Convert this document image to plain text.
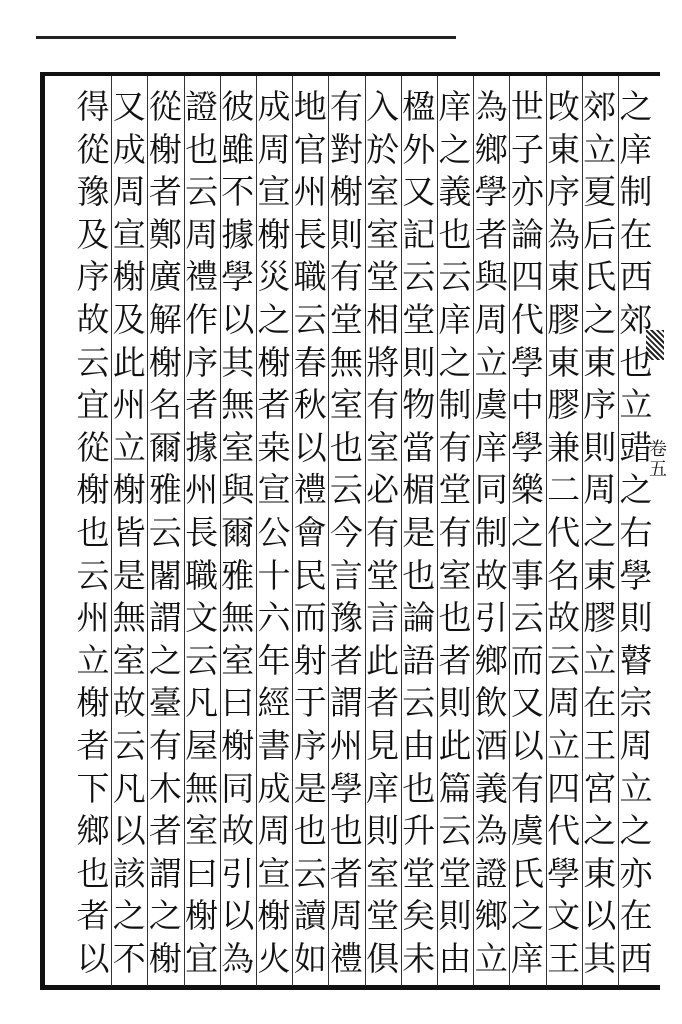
卷
五
之
庠
制
在
西
郊
也
立
䜺
之
右
學
則
瞽
宗
周
立
之
亦
在
西
郊
立
夏
后
氏
之
東
序
則
周
之
東
膠
立
在
王
宮
之
東
以
其
攺
東
序
為
東
膠
東
膠
兼
二
代
名
故
云
周
立
四
代
學
文
王
世
子
亦
論
四
代
學
中
學
樂
之
事
云
而
又
以
有
虞
氏
之
庠
為
鄉
學
者
與
周
立
虞
庠
同
制
故
引
鄉
飲
酒
義
為
證
鄉
立
庠
之
義
也
云
庠
之
制
有
堂
有
室
也
者
則
此
篇
云
堂
則
由
楹
外
又
記
云
堂
則
物
當
楣
是
也
論
語
云
由
也
升
堂
矣
未
入
於
室
室
堂
相
將
有
室
必
有
堂
言
此
者
見
庠
則
室
堂
俱
有
對
榭
則
有
堂
無
室
也
云
今
言
豫
者
謂
州
學
也
者
周
禮
地
官
州
長
職
云
春
秋
以
禮
會
民
而
射
于
序
是
也
云
讀
如
成
周
宣
榭
災
之
榭
者
桒
宣
公
十
六
年
經
書
成
周
宣
榭
火
彼
雖
不
據
學
以
其
無
室
與
爾
雅
無
室
曰
榭
同
故
引
以
為
證
也
云
周
禮
作
序
者
據
州
長
職
文
云
凡
屋
無
室
曰
榭
宜
從
榭
者
鄭
廣
解
榭
名
爾
雅
云
闍
謂
之
臺
有
木
者
謂
之
榭
又
成
周
宣
榭
及
此
州
立
榭
皆
是
無
室
故
云
凡
以
該
之
不
得
從
豫
及
序
故
云
宜
從
榭
也
云
州
立
榭
者
下
鄉
也
者
以
